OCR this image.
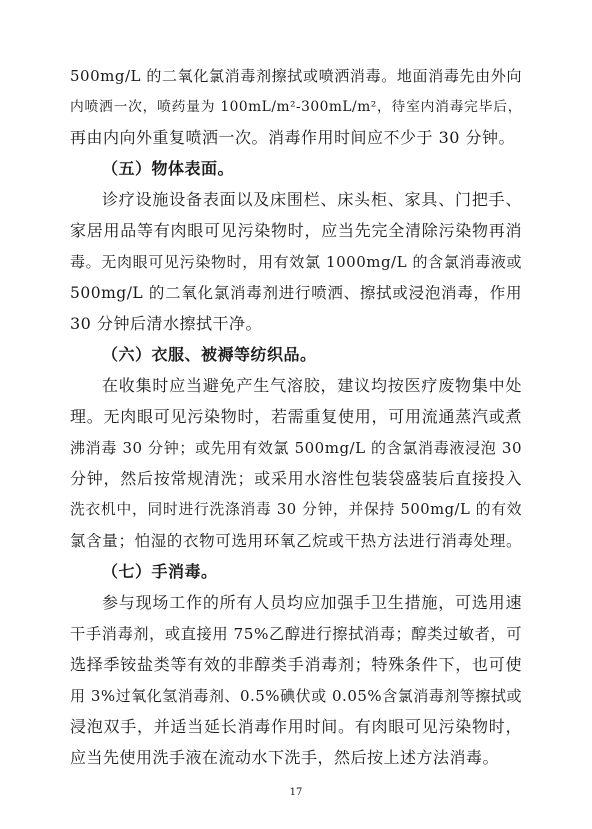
500mg/L 的二氧化氯消毒剂擦拭或喷洒消毒。地面消毒先由外向
内喷洒一次，喷药量为 100mL/m²-300mL/m²，待室内消毒完毕后，
再由内向外重复喷洒一次。消毒作用时间应不少于 30 分钟。
（五）物体表面。
诊疗设施设备表面以及床围栏、床头柜、家具、门把手、
家居用品等有肉眼可见污染物时，应当先完全清除污染物再消
毒。无肉眼可见污染物时，用有效氯 1000mg/L 的含氯消毒液或
500mg/L 的二氧化氯消毒剂进行喷洒、擦拭或浸泡消毒，作用
30 分钟后清水擦拭干净。
（六）衣服、被褥等纺织品。
在收集时应当避免产生气溶胶，建议均按医疗废物集中处
理。无肉眼可见污染物时，若需重复使用，可用流通蒸汽或煮
沸消毒 30 分钟；或先用有效氯 500mg/L 的含氯消毒液浸泡 30
分钟，然后按常规清洗；或采用水溶性包装袋盛装后直接投入
洗衣机中，同时进行洗涤消毒 30 分钟，并保持 500mg/L 的有效
氯含量；怕湿的衣物可选用环氧乙烷或干热方法进行消毒处理。
（七）手消毒。
参与现场工作的所有人员均应加强手卫生措施，可选用速
干手消毒剂，或直接用 75%乙醇进行擦拭消毒；醇类过敏者，可
选择季铵盐类等有效的非醇类手消毒剂；特殊条件下，也可使
用 3%过氧化氢消毒剂、0.5%碘伏或 0.05%含氯消毒剂等擦拭或
浸泡双手，并适当延长消毒作用时间。有肉眼可见污染物时，
应当先使用洗手液在流动水下洗手，然后按上述方法消毒。
17
